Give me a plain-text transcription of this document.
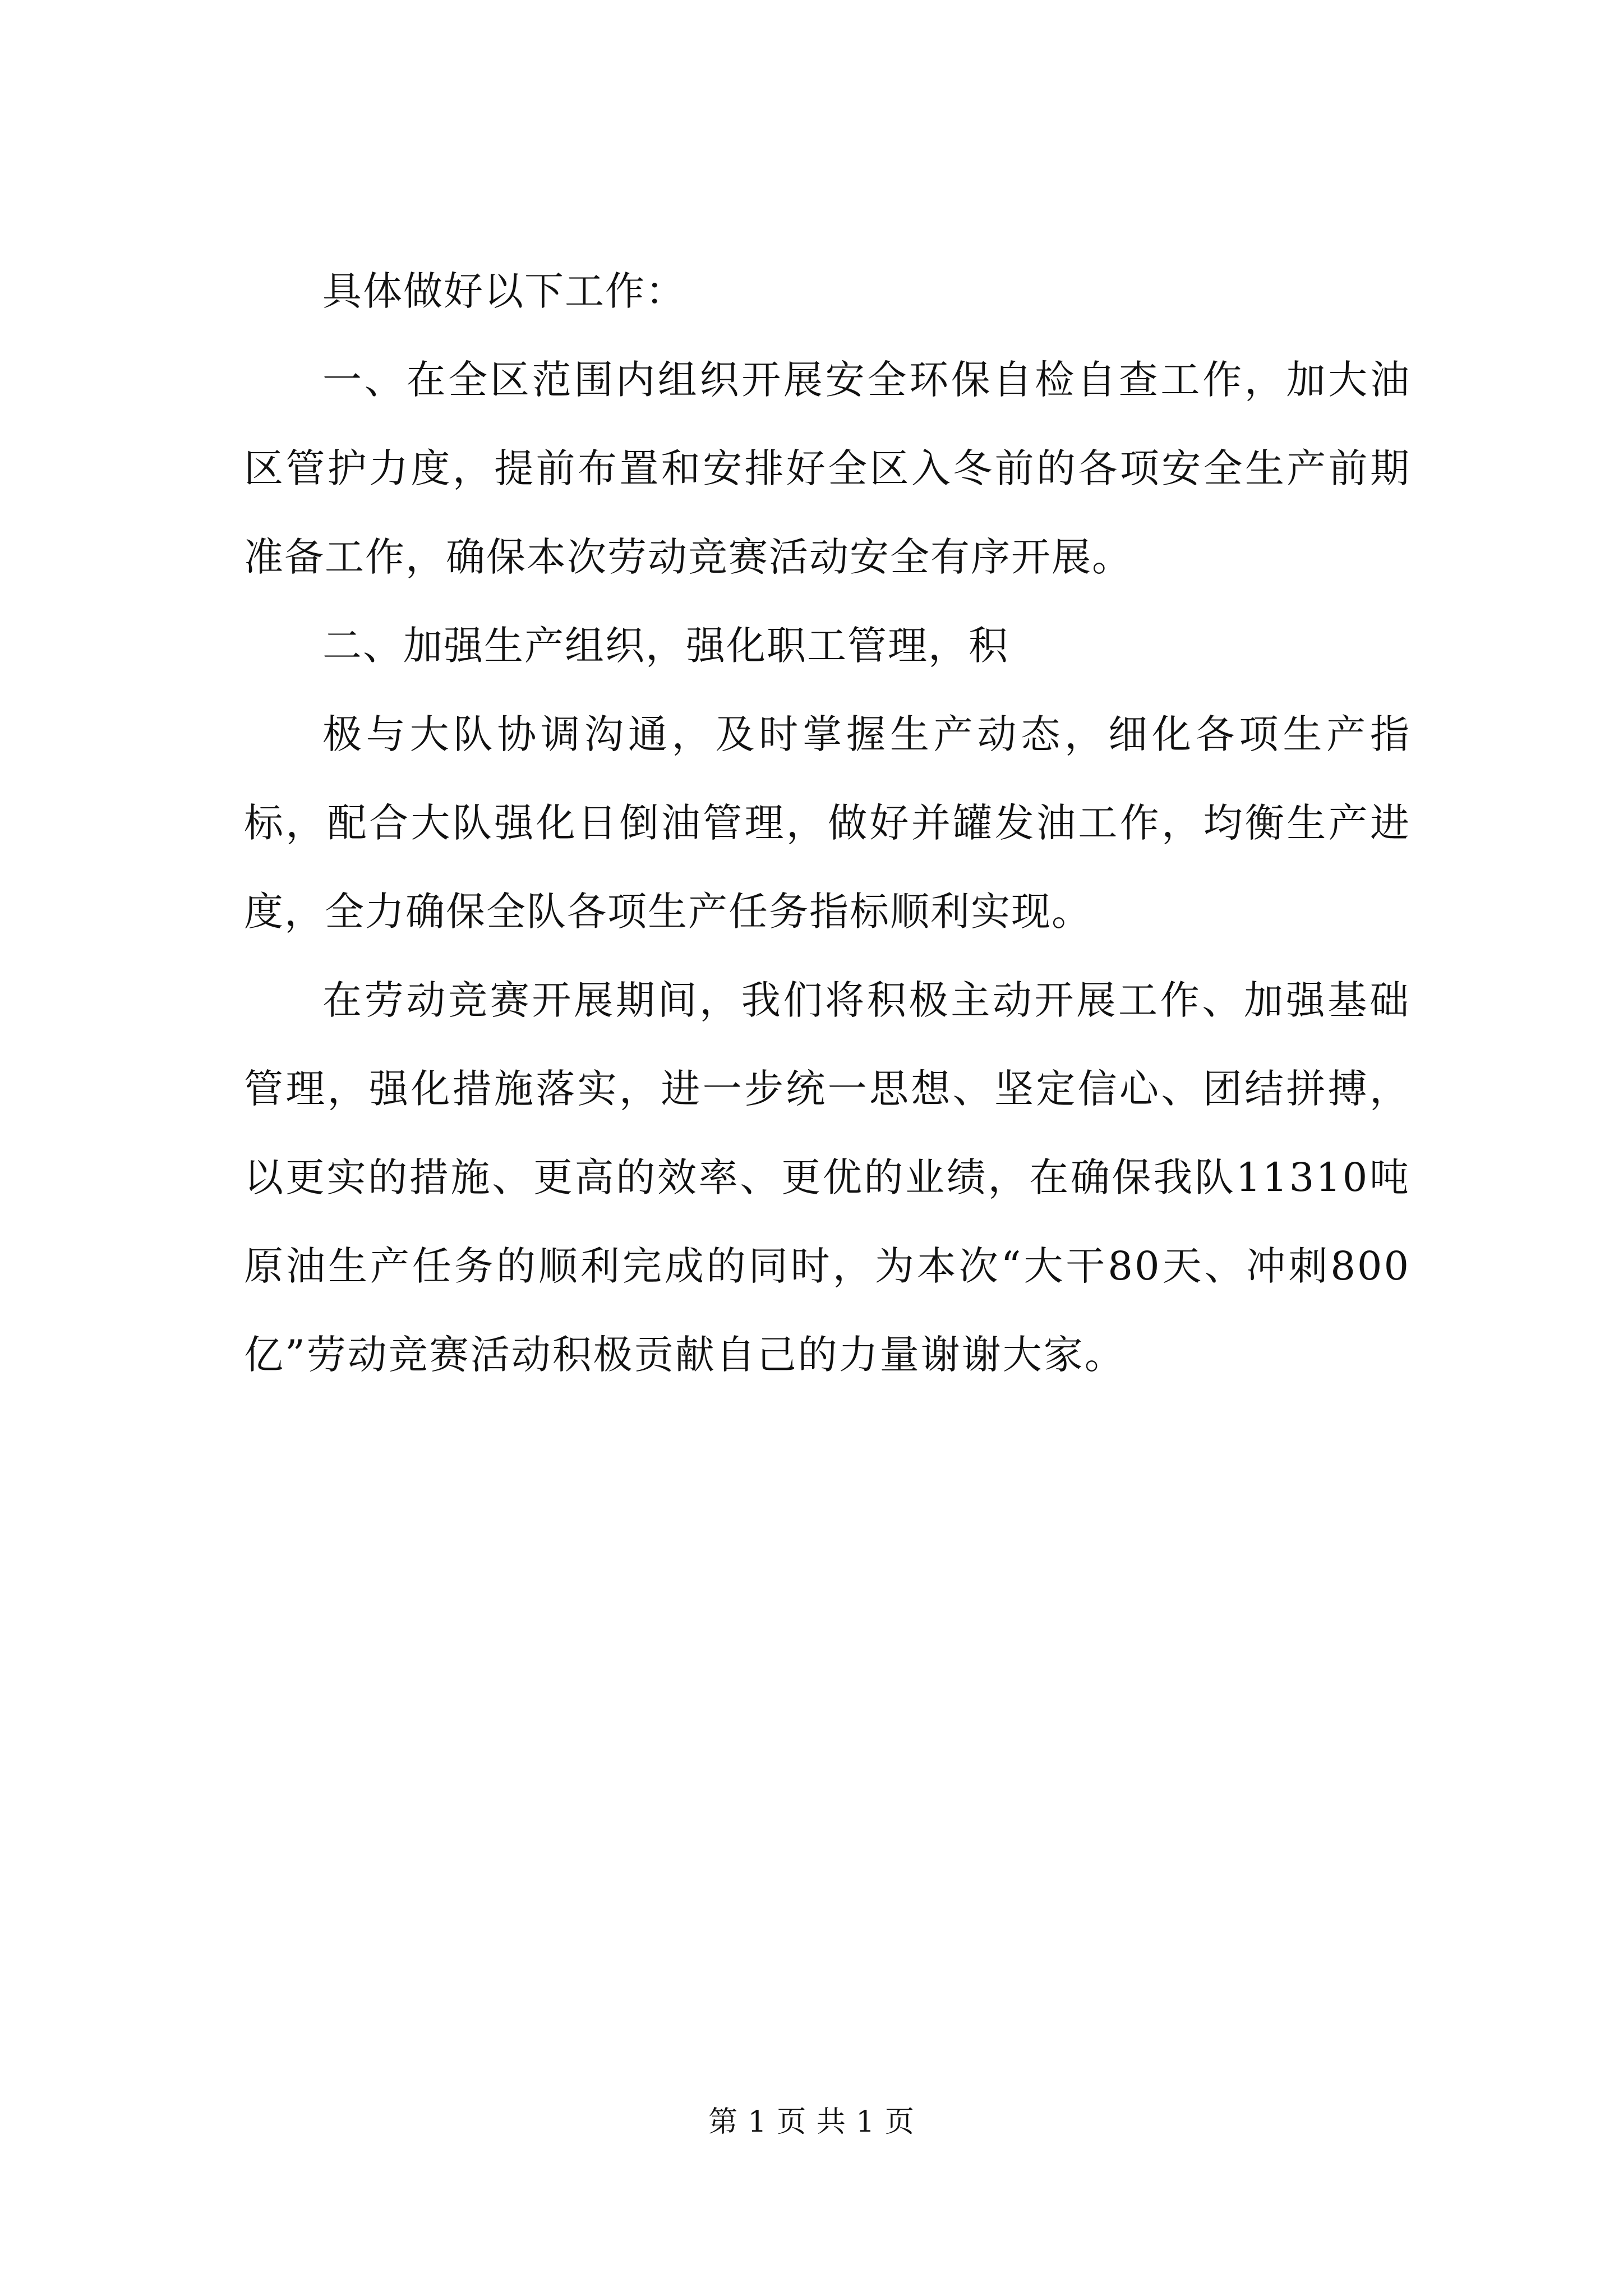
具体做好以下工作：

一、在全区范围内组织开展安全环保自检自查工作，加大油区管护力度，提前布置和安排好全区入冬前的各项安全生产前期准备工作，确保本次劳动竞赛活动安全有序开展。

二、加强生产组织，强化职工管理，积

极与大队协调沟通，及时掌握生产动态，细化各项生产指标，配合大队强化日倒油管理，做好并罐发油工作，均衡生产进度，全力确保全队各项生产任务指标顺利实现。

在劳动竞赛开展期间，我们将积极主动开展工作、加强基础管理，强化措施落实，进一步统一思想、坚定信心、团结拼搏，以更实的措施、更高的效率、更优的业绩，在确保我队11310吨原油生产任务的顺利完成的同时，为本次“大干80天、冲刺800亿”劳动竞赛活动积极贡献自己的力量谢谢大家。

第 1 页 共 1 页
